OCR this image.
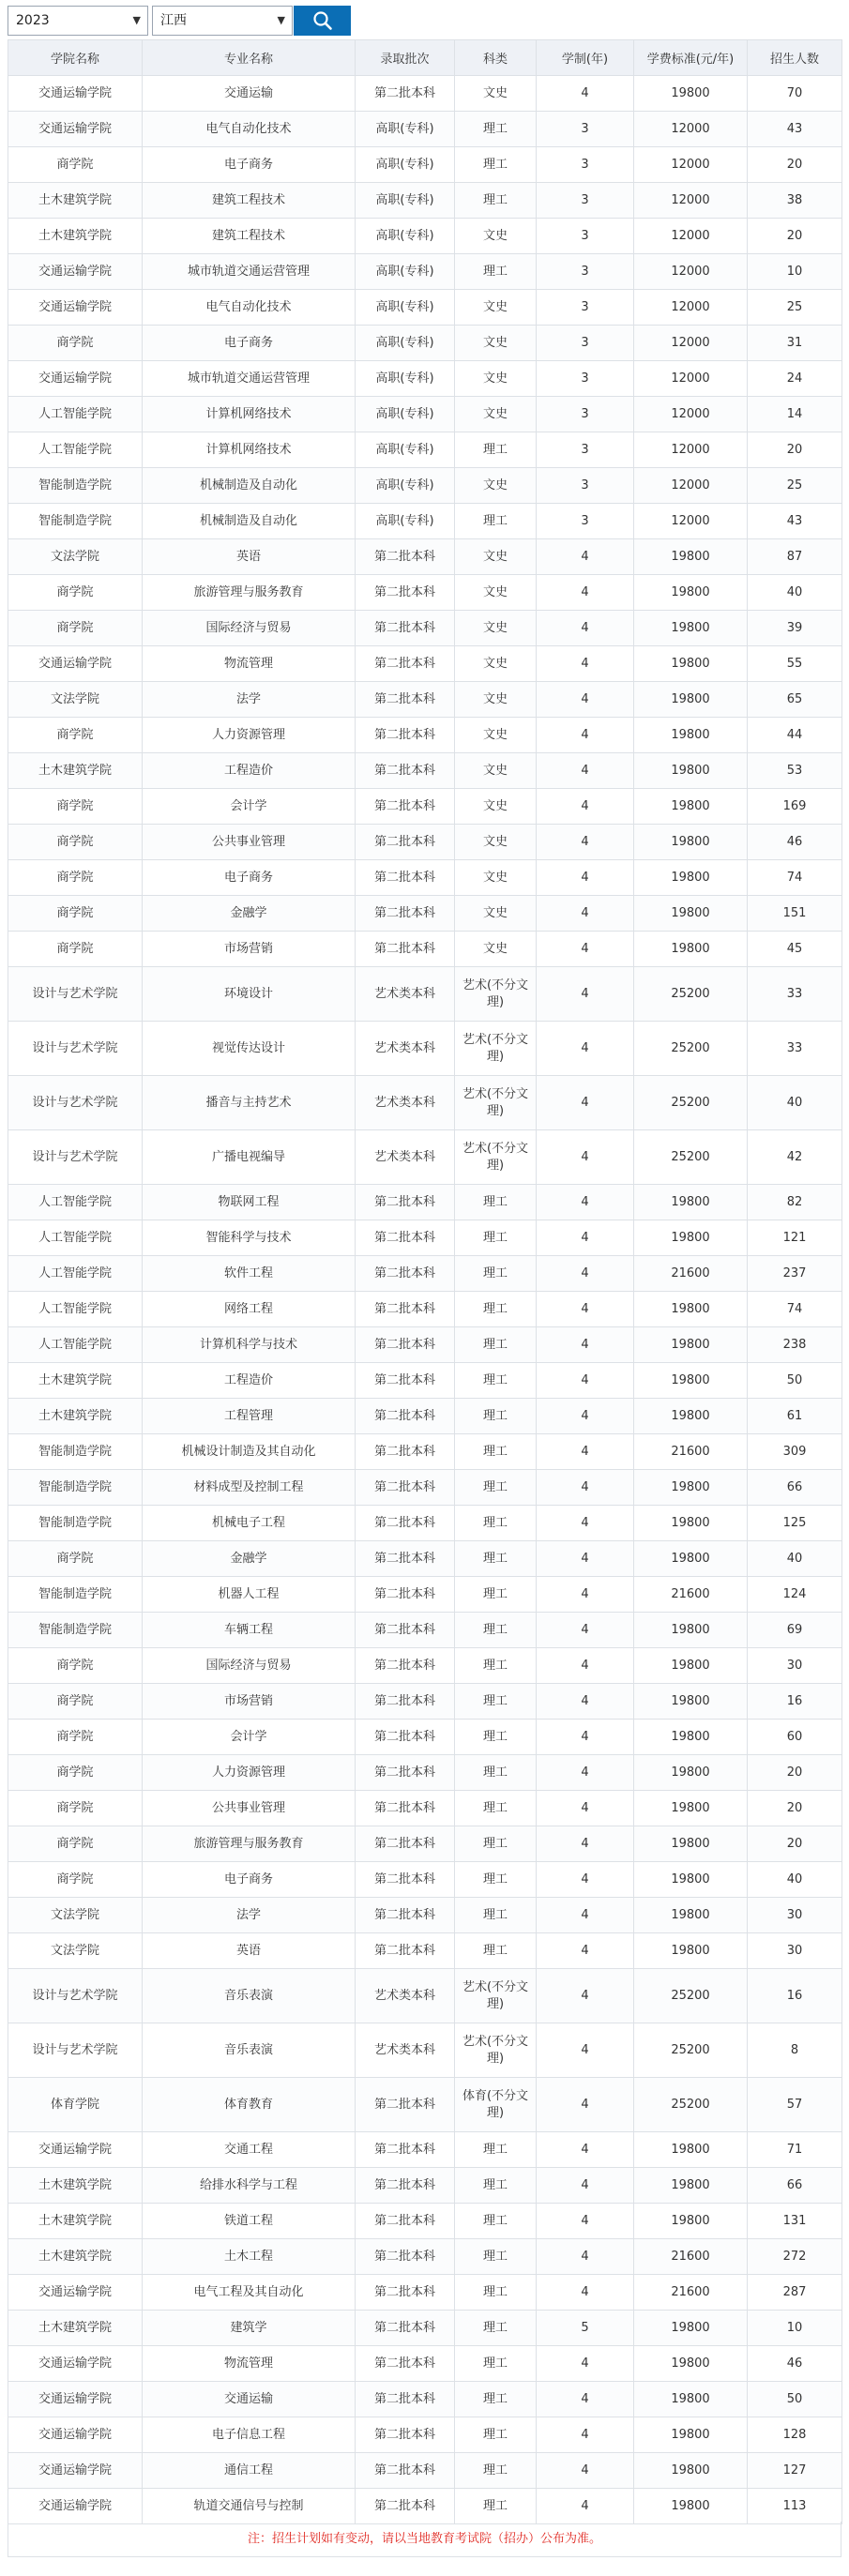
2023	▼	江西	▼
学院名称	专业名称	录取批次	科类	学制(年)	学费标准(元/年)	招生人数
交通运输学院	交通运输	第二批本科	文史	4	19800	70
交通运输学院	电气自动化技术	高职(专科)	理工	3	12000	43
商学院	电子商务	高职(专科)	理工	3	12000	20
土木建筑学院	建筑工程技术	高职(专科)	理工	3	12000	38
土木建筑学院	建筑工程技术	高职(专科)	文史	3	12000	20
交通运输学院	城市轨道交通运营管理	高职(专科)	理工	3	12000	10
交通运输学院	电气自动化技术	高职(专科)	文史	3	12000	25
商学院	电子商务	高职(专科)	文史	3	12000	31
交通运输学院	城市轨道交通运营管理	高职(专科)	文史	3	12000	24
人工智能学院	计算机网络技术	高职(专科)	文史	3	12000	14
人工智能学院	计算机网络技术	高职(专科)	理工	3	12000	20
智能制造学院	机械制造及自动化	高职(专科)	文史	3	12000	25
智能制造学院	机械制造及自动化	高职(专科)	理工	3	12000	43
文法学院	英语	第二批本科	文史	4	19800	87
商学院	旅游管理与服务教育	第二批本科	文史	4	19800	40
商学院	国际经济与贸易	第二批本科	文史	4	19800	39
交通运输学院	物流管理	第二批本科	文史	4	19800	55
文法学院	法学	第二批本科	文史	4	19800	65
商学院	人力资源管理	第二批本科	文史	4	19800	44
土木建筑学院	工程造价	第二批本科	文史	4	19800	53
商学院	会计学	第二批本科	文史	4	19800	169
商学院	公共事业管理	第二批本科	文史	4	19800	46
商学院	电子商务	第二批本科	文史	4	19800	74
商学院	金融学	第二批本科	文史	4	19800	151
商学院	市场营销	第二批本科	文史	4	19800	45
设计与艺术学院	环境设计	艺术类本科	艺术(不分文理)	4	25200	33
设计与艺术学院	视觉传达设计	艺术类本科	艺术(不分文理)	4	25200	33
设计与艺术学院	播音与主持艺术	艺术类本科	艺术(不分文理)	4	25200	40
设计与艺术学院	广播电视编导	艺术类本科	艺术(不分文理)	4	25200	42
人工智能学院	物联网工程	第二批本科	理工	4	19800	82
人工智能学院	智能科学与技术	第二批本科	理工	4	19800	121
人工智能学院	软件工程	第二批本科	理工	4	21600	237
人工智能学院	网络工程	第二批本科	理工	4	19800	74
人工智能学院	计算机科学与技术	第二批本科	理工	4	19800	238
土木建筑学院	工程造价	第二批本科	理工	4	19800	50
土木建筑学院	工程管理	第二批本科	理工	4	19800	61
智能制造学院	机械设计制造及其自动化	第二批本科	理工	4	21600	309
智能制造学院	材料成型及控制工程	第二批本科	理工	4	19800	66
智能制造学院	机械电子工程	第二批本科	理工	4	19800	125
商学院	金融学	第二批本科	理工	4	19800	40
智能制造学院	机器人工程	第二批本科	理工	4	21600	124
智能制造学院	车辆工程	第二批本科	理工	4	19800	69
商学院	国际经济与贸易	第二批本科	理工	4	19800	30
商学院	市场营销	第二批本科	理工	4	19800	16
商学院	会计学	第二批本科	理工	4	19800	60
商学院	人力资源管理	第二批本科	理工	4	19800	20
商学院	公共事业管理	第二批本科	理工	4	19800	20
商学院	旅游管理与服务教育	第二批本科	理工	4	19800	20
商学院	电子商务	第二批本科	理工	4	19800	40
文法学院	法学	第二批本科	理工	4	19800	30
文法学院	英语	第二批本科	理工	4	19800	30
设计与艺术学院	音乐表演	艺术类本科	艺术(不分文理)	4	25200	16
设计与艺术学院	音乐表演	艺术类本科	艺术(不分文理)	4	25200	8
体育学院	体育教育	第二批本科	体育(不分文理)	4	25200	57
交通运输学院	交通工程	第二批本科	理工	4	19800	71
土木建筑学院	给排水科学与工程	第二批本科	理工	4	19800	66
土木建筑学院	铁道工程	第二批本科	理工	4	19800	131
土木建筑学院	土木工程	第二批本科	理工	4	21600	272
交通运输学院	电气工程及其自动化	第二批本科	理工	4	21600	287
土木建筑学院	建筑学	第二批本科	理工	5	19800	10
交通运输学院	物流管理	第二批本科	理工	4	19800	46
交通运输学院	交通运输	第二批本科	理工	4	19800	50
交通运输学院	电子信息工程	第二批本科	理工	4	19800	128
交通运输学院	通信工程	第二批本科	理工	4	19800	127
交通运输学院	轨道交通信号与控制	第二批本科	理工	4	19800	113
注：招生计划如有变动，请以当地教育考试院（招办）公布为准。
